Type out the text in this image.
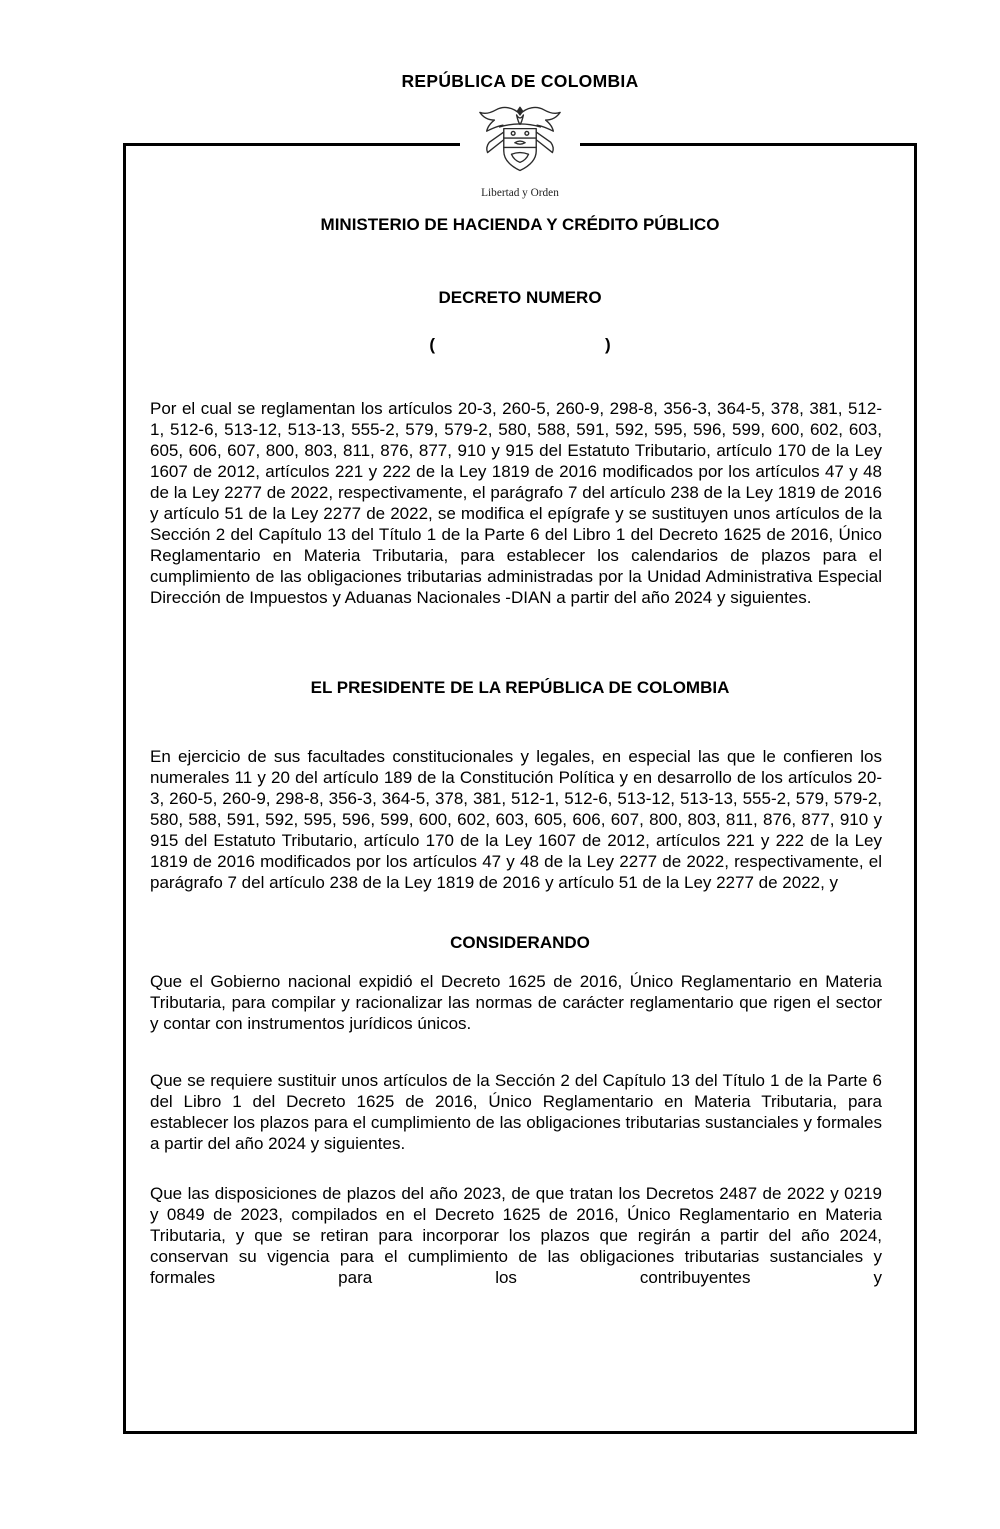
REPÚBLICA DE COLOMBIA
Libertad y Orden
MINISTERIO DE HACIENDA Y CRÉDITO PÚBLICO
DECRETO NUMERO
(	)

Por el cual se reglamentan los artículos 20-3, 260-5, 260-9, 298-8, 356-3, 364-5, 378, 381, 512-1, 512-6, 513-12, 513-13, 555-2, 579, 579-2, 580, 588, 591, 592, 595, 596, 599, 600, 602, 603, 605, 606, 607, 800, 803, 811, 876, 877, 910 y 915 del Estatuto Tributario, artículo 170 de la Ley 1607 de 2012, artículos 221 y 222 de la Ley 1819 de 2016 modificados por los artículos 47 y 48 de la Ley 2277 de 2022, respectivamente, el parágrafo 7 del artículo 238 de la Ley 1819 de 2016 y artículo 51 de la Ley 2277 de 2022, se modifica el epígrafe y se sustituyen unos artículos de la Sección 2 del Capítulo 13 del Título 1 de la Parte 6 del Libro 1 del Decreto 1625 de 2016, Único Reglamentario en Materia Tributaria, para establecer los calendarios de plazos para el cumplimiento de las obligaciones tributarias administradas por la Unidad Administrativa Especial Dirección de Impuestos y Aduanas Nacionales -DIAN a partir del año 2024 y siguientes.

EL PRESIDENTE DE LA REPÚBLICA DE COLOMBIA

En ejercicio de sus facultades constitucionales y legales, en especial las que le confieren los numerales 11 y 20 del artículo 189 de la Constitución Política y en desarrollo de los artículos 20-3, 260-5, 260-9, 298-8, 356-3, 364-5, 378, 381, 512-1, 512-6, 513-12, 513-13, 555-2, 579, 579-2, 580, 588, 591, 592, 595, 596, 599, 600, 602, 603, 605, 606, 607, 800, 803, 811, 876, 877, 910 y 915 del Estatuto Tributario, artículo 170 de la Ley 1607 de 2012, artículos 221 y 222 de la Ley 1819 de 2016 modificados por los artículos 47 y 48 de la Ley 2277 de 2022, respectivamente, el parágrafo 7 del artículo 238 de la Ley 1819 de 2016 y artículo 51 de la Ley 2277 de 2022, y

CONSIDERANDO

Que el Gobierno nacional expidió el Decreto 1625 de 2016, Único Reglamentario en Materia Tributaria, para compilar y racionalizar las normas de carácter reglamentario que rigen el sector y contar con instrumentos jurídicos únicos.

Que se requiere sustituir unos artículos de la Sección 2 del Capítulo 13 del Título 1 de la Parte 6 del Libro 1 del Decreto 1625 de 2016, Único Reglamentario en Materia Tributaria, para establecer los plazos para el cumplimiento de las obligaciones tributarias sustanciales y formales a partir del año 2024 y siguientes.

Que las disposiciones de plazos del año 2023, de que tratan los Decretos 2487 de 2022 y 0219 y 0849 de 2023, compilados en el Decreto 1625 de 2016, Único Reglamentario en Materia Tributaria, y que se retiran para incorporar los plazos que regirán a partir del año 2024, conservan su vigencia para el cumplimiento de las obligaciones tributarias sustanciales y formales para los contribuyentes y
